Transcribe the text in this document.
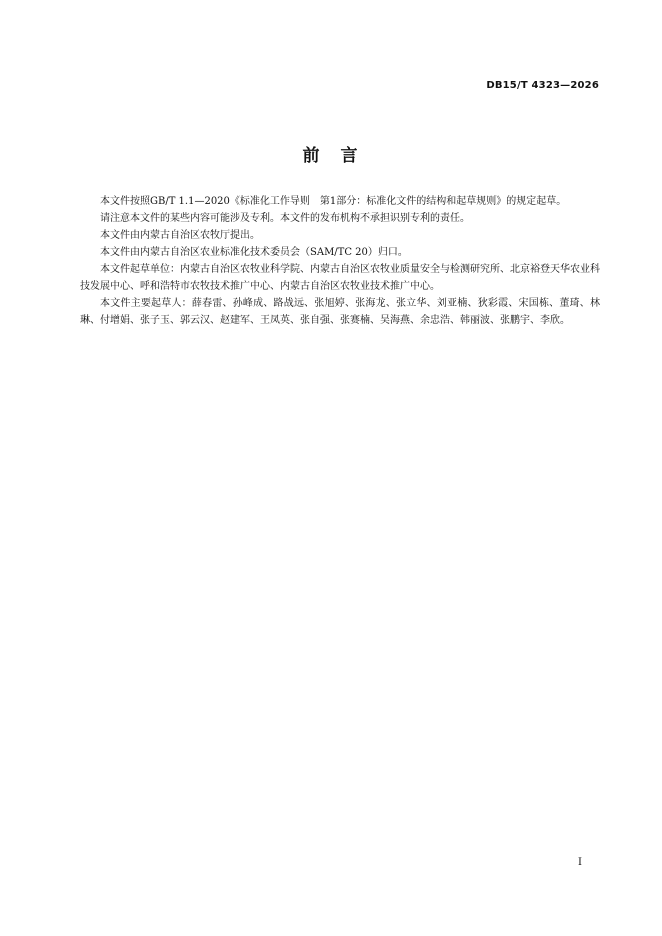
DB15/T 4323—2026
前　言

本文件按照GB/T 1.1—2020《标准化工作导则　第1部分：标准化文件的结构和起草规则》的规定起草。

请注意本文件的某些内容可能涉及专利。本文件的发布机构不承担识别专利的责任。

本文件由内蒙古自治区农牧厅提出。

本文件由内蒙古自治区农业标准化技术委员会（SAM/TC 20）归口。

本文件起草单位：内蒙古自治区农牧业科学院、内蒙古自治区农牧业质量安全与检测研究所、北京裕登天华农业科技发展中心、呼和浩特市农牧技术推广中心、内蒙古自治区农牧业技术推广中心。

本文件主要起草人：薛春雷、孙峰成、路战远、张旭婷、张海龙、张立华、刘亚楠、狄彩霞、宋国栋、董琦、林琳、付增娟、张子玉、郭云汉、赵建军、王凤英、张自强、张赛楠、吴海燕、余忠浩、韩丽波、张鹏宇、李欣。

I
